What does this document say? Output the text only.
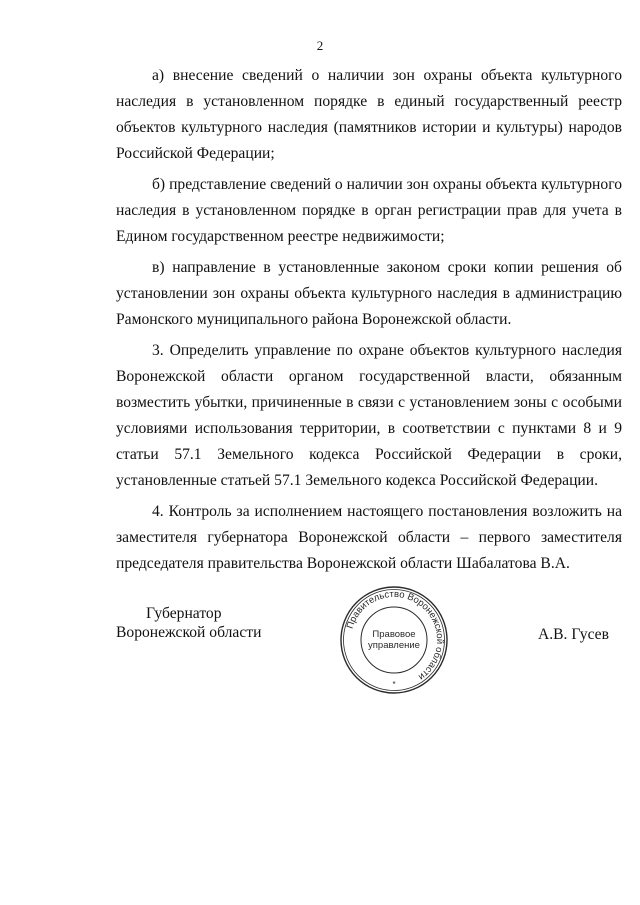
2

а) внесение сведений о наличии зон охраны объекта культурного наследия в установленном порядке в единый государственный реестр объектов культурного наследия (памятников истории и культуры) народов Российской Федерации;

б) представление сведений о наличии зон охраны объекта культурного наследия в установленном порядке в орган регистрации прав для учета в Едином государственном реестре недвижимости;

в) направление в установленные законом сроки копии решения об установлении зон охраны объекта культурного наследия в администрацию Рамонского муниципального района Воронежской области.

3. Определить управление по охране объектов культурного наследия Воронежской области органом государственной власти, обязанным возместить убытки, причиненные в связи с установлением зоны с особыми условиями использования территории, в соответствии с пунктами 8 и 9 статьи 57.1 Земельного кодекса Российской Федерации в сроки, установленные статьей 57.1 Земельного кодекса Российской Федерации.

4. Контроль за исполнением настоящего постановления возложить на заместителя губернатора Воронежской области – первого заместителя председателя правительства Воронежской области Шабалатова В.А.

Губернатор
Воронежской области	А.В. Гусев
Правительство Воронежской области
Правовое
управление
*
